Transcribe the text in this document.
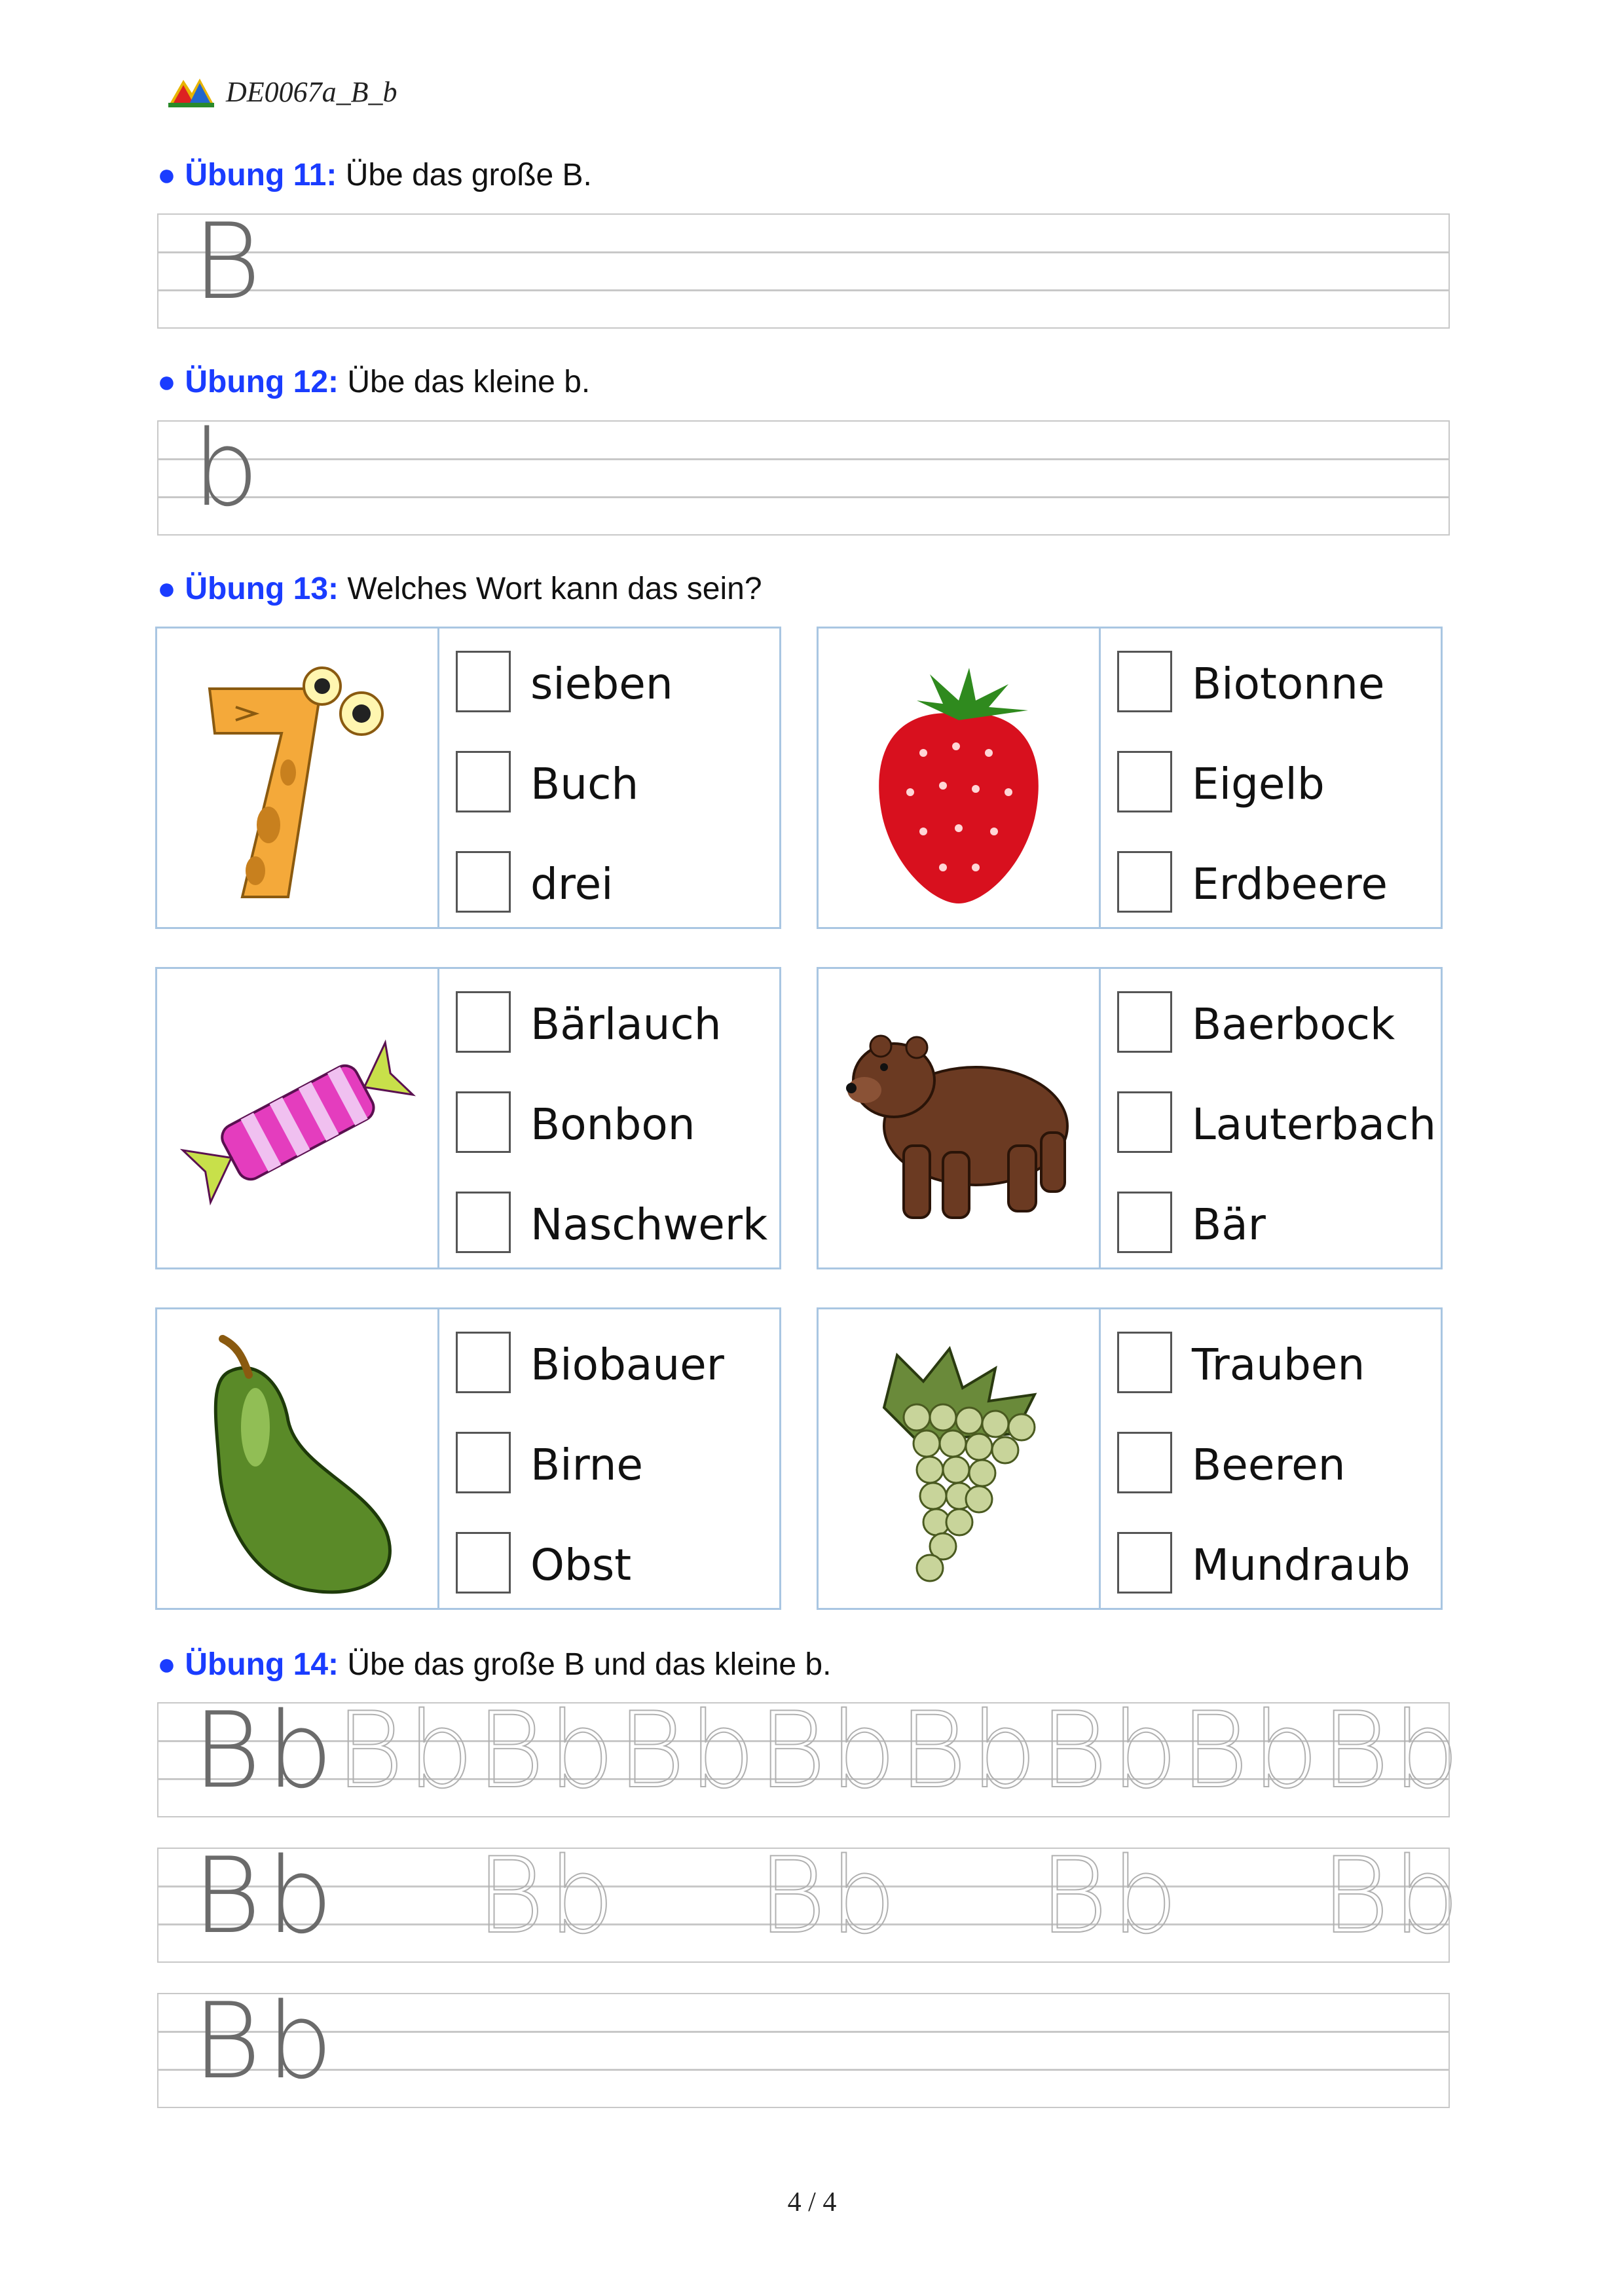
DE0067a_B_b
● Übung 11: Übe das große B.
B
● Übung 12: Übe das kleine b.
b
● Übung 13: Welches Wort kann das sein?
sieben
Buch
drei
Biotonne
Eigelb
Erdbeere
Bärlauch
Bonbon
Naschwerk
Baerbock
Lauterbach
Bär
Biobauer
Birne
Obst
Trauben
Beeren
Mundraub
● Übung 14: Übe das große B und das kleine b.
B b B b B b B b B b B b B b B b B b
B b B b B b B b B b
B b
4 / 4
